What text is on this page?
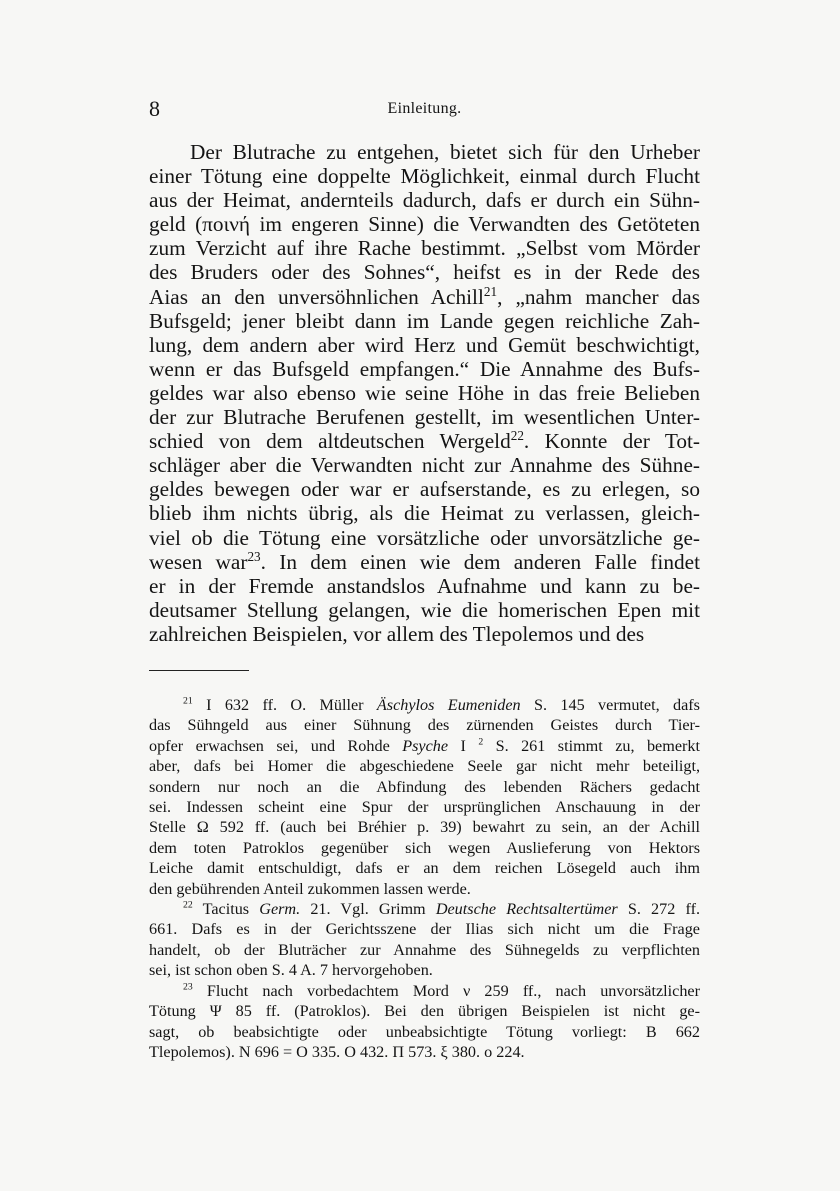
8	Einleitung.
Der Blutrache zu entgehen, bietet sich für den Urheber
einer Tötung eine doppelte Möglichkeit, einmal durch Flucht
aus der Heimat, andernteils dadurch, dafs er durch ein Sühn-
geld (ποινή im engeren Sinne) die Verwandten des Getöteten
zum Verzicht auf ihre Rache bestimmt. „Selbst vom Mörder
des Bruders oder des Sohnes“, heifst es in der Rede des
Aias an den unversöhnlichen Achill$^{21}$, „nahm mancher das
Bufsgeld; jener bleibt dann im Lande gegen reichliche Zah-
lung, dem andern aber wird Herz und Gemüt beschwichtigt,
wenn er das Bufsgeld empfangen.“ Die Annahme des Bufs-
geldes war also ebenso wie seine Höhe in das freie Belieben
der zur Blutrache Berufenen gestellt, im wesentlichen Unter-
schied von dem altdeutschen Wergeld$^{22}$. Konnte der Tot-
schläger aber die Verwandten nicht zur Annahme des Sühne-
geldes bewegen oder war er aufserstande, es zu erlegen, so
blieb ihm nichts übrig, als die Heimat zu verlassen, gleich-
viel ob die Tötung eine vorsätzliche oder unvorsätzliche ge-
wesen war$^{23}$. In dem einen wie dem anderen Falle findet
er in der Fremde anstandslos Aufnahme und kann zu be-
deutsamer Stellung gelangen, wie die homerischen Epen mit
zahlreichen Beispielen, vor allem des Tlepolemos und des
$^{21}$ I 632 ff. O. Müller Äschylos Eumeniden S. 145 vermutet, dafs
das Sühngeld aus einer Sühnung des zürnenden Geistes durch Tier-
opfer erwachsen sei, und Rohde Psyche I $^2$ S. 261 stimmt zu, bemerkt
aber, dafs bei Homer die abgeschiedene Seele gar nicht mehr beteiligt,
sondern nur noch an die Abfindung des lebenden Rächers gedacht
sei. Indessen scheint eine Spur der ursprünglichen Anschauung in der
Stelle Ω 592 ff. (auch bei Bréhier p. 39) bewahrt zu sein, an der Achill
dem toten Patroklos gegenüber sich wegen Auslieferung von Hektors
Leiche damit entschuldigt, dafs er an dem reichen Lösegeld auch ihm
den gebührenden Anteil zukommen lassen werde.
$^{22}$ Tacitus Germ. 21. Vgl. Grimm Deutsche Rechtsaltertümer S. 272 ff.
661. Dafs es in der Gerichtsszene der Ilias sich nicht um die Frage
handelt, ob der Bluträcher zur Annahme des Sühnegelds zu verpflichten
sei, ist schon oben S. 4 A. 7 hervorgehoben.
$^{23}$ Flucht nach vorbedachtem Mord ν 259 ff., nach unvorsätzlicher
Tötung Ψ 85 ff. (Patroklos). Bei den übrigen Beispielen ist nicht ge-
sagt, ob beabsichtigte oder unbeabsichtigte Tötung vorliegt: B 662
Tlepolemos). N 696 = O 335. O 432. Π 573. ξ 380. ο 224.
